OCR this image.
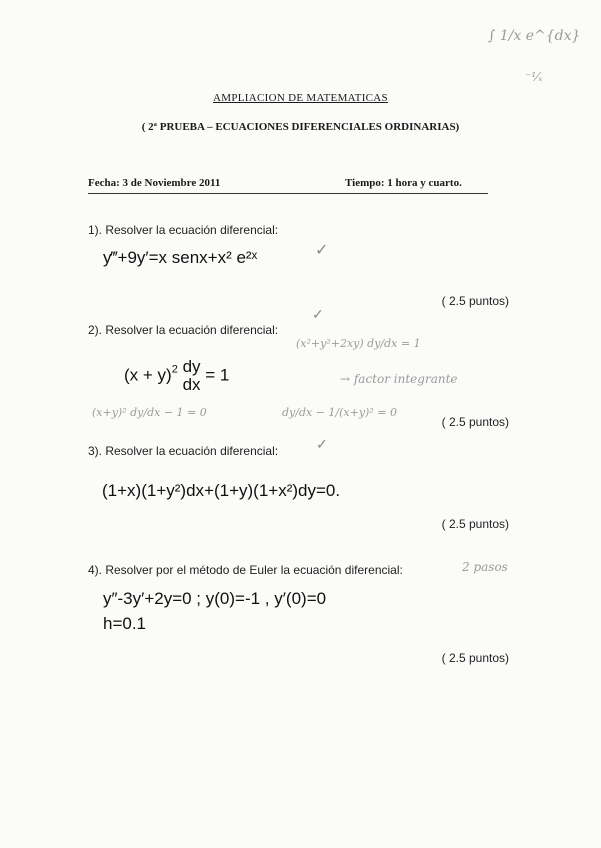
∫ 1/x e^{dx}
⁻¹⁄ₓ
AMPLIACION DE MATEMATICAS
( 2ª PRUEBA – ECUACIONES DIFERENCIALES ORDINARIAS)
Fecha: 3 de Noviembre 2011	Tiempo: 1 hora y cuarto.
1). Resolver la ecuación diferencial:
y‴+9y′=x senx+x² e²ˣ	✓
( 2.5 puntos)
2). Resolver la ecuación diferencial:
✓
(x²+y²+2xy) dy/dx = 1
$(x + y)^2$ dy
dx
= 1	→ factor integrante
(x+y)² dy/dx − 1 = 0	dy/dx − 1/(x+y)² = 0
( 2.5 puntos)
3). Resolver la ecuación diferencial:	✓
(1+x)(1+y²)dx+(1+y)(1+x²)dy=0.
( 2.5 puntos)
4). Resolver por el método de Euler la ecuación diferencial:	2 pasos
y″-3y′+2y=0 ; y(0)=-1 , y′(0)=0
h=0.1
( 2.5 puntos)
